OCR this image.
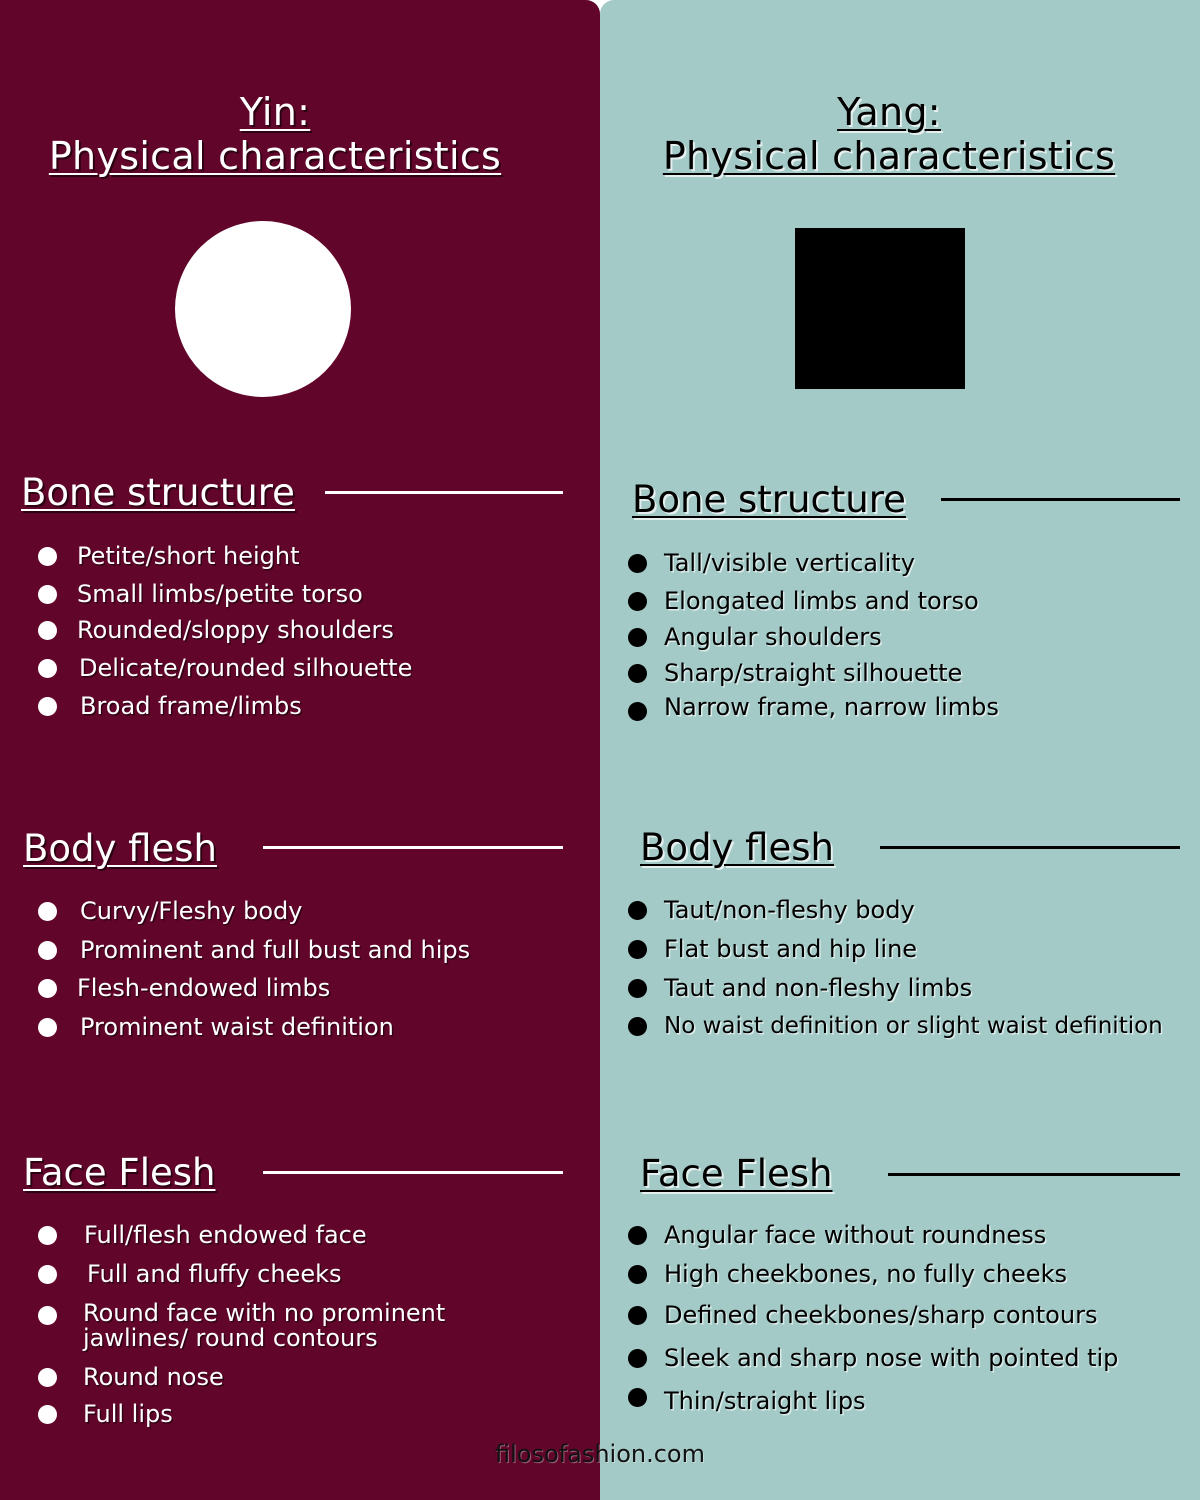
Yin:
Physical characteristics
Bone structure
Petite/short height
Small limbs/petite torso
Rounded/sloppy shoulders
Delicate/rounded silhouette
Broad frame/limbs
Body flesh
Curvy/Fleshy body
Prominent and full bust and hips
Flesh-endowed limbs
Prominent waist definition
Face Flesh
Full/flesh endowed face
Full and fluffy cheeks
Round face with no prominent
jawlines/ round contours
Round nose
Full lips
Yang:
Physical characteristics
Bone structure
Tall/visible verticality
Elongated limbs and torso
Angular shoulders
Sharp/straight silhouette
Narrow frame, narrow limbs
Body flesh
Taut/non-fleshy body
Flat bust and hip line
Taut and non-fleshy limbs
No waist definition or slight waist definition
Face Flesh
Angular face without roundness
High cheekbones, no fully cheeks
Defined cheekbones/sharp contours
Sleek and sharp nose with pointed tip
Thin/straight lips
filosofashion.com
